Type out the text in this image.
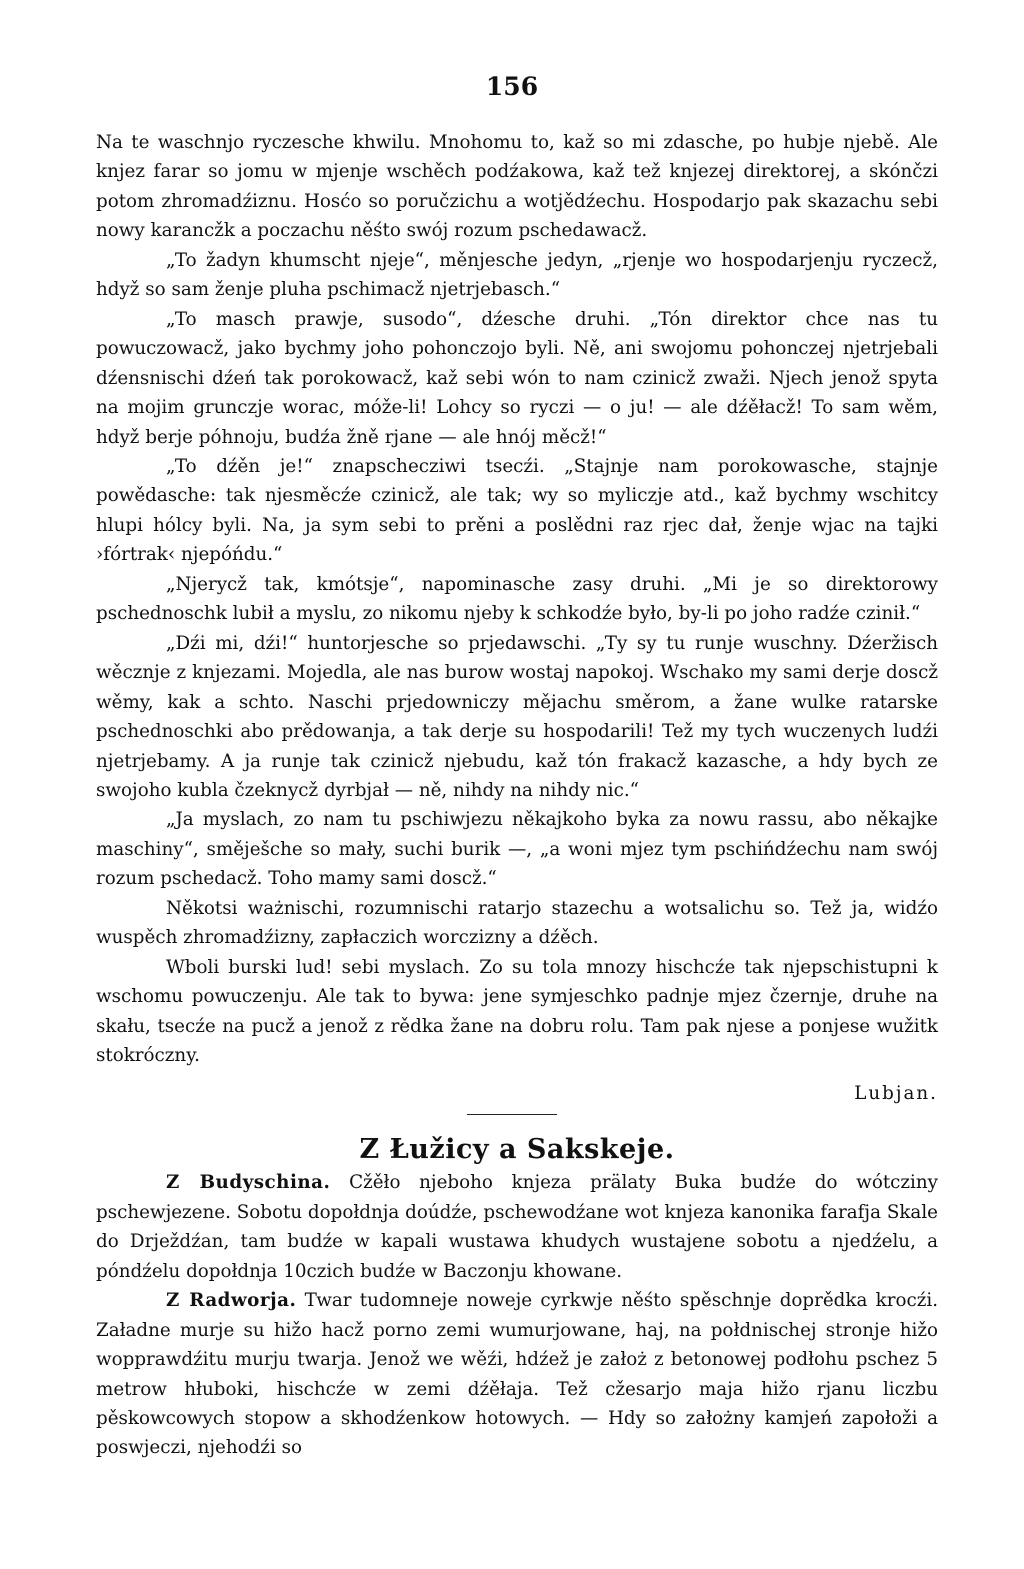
156

Na te waschnjo ryczesche khwilu. Mnohomu to, kaž so mi zdasche, po hubje njebě. Ale knjez farar so jomu w mjenje wschěch podźakowa, kaž tež knjezej direktorej, a skónčzi potom zhromadźiznu. Hosćo so poručzichu a wotjědźechu. Hospodarjo pak skazachu sebi nowy karancžk a poczachu něśto swój rozum pschedawacž.

„To žadyn khumscht njeje“, měnjesche jedyn, „rjenje wo hospodarjenju ryczecž, hdyž so sam ženje pluha pschimacž njetrjebasch.“

„To masch prawje, susodo“, dźesche druhi. „Tón direktor chce nas tu powuczowacž, jako bychmy joho pohonczojo byli. Ně, ani swojomu pohonczej njetrjebali dźensnischi dźeń tak porokowacž, kaž sebi wón to nam czinicž zwaži. Njech jenož spyta na mojim grunczje worac, móže-li! Lohcy so ryczi — o ju! — ale dźěłacž! To sam wěm, hdyž berje póhnoju, budźa žně rjane — ale hnój měcž!“

„To dźěn je!“ znapschecziwi tsecźi. „Stajnje nam porokowasche, stajnje powědasche: tak njesměcźe czinicž, ale tak; wy so myliczje atd., kaž bychmy wschitcy hlupi hólcy byli. Na, ja sym sebi to prěni a poslědni raz rjec dał, ženje wjac na tajki ›fórtrak‹ njepóńdu.“

„Njerycž tak, kmótsje“, napominasche zasy druhi. „Mi je so direktorowy pschednoschk lubił a myslu, zo nikomu njeby k schkodźe było, by-li po joho radźe czinił.“

„Dźi mi, dźi!“ huntorjesche so prjedawschi. „Ty sy tu runje wuschny. Dźeržisch wěcznje z knjezami. Mojedla, ale nas burow wostaj napokoj. Wschako my sami derje doscž wěmy, kak a schto. Naschi prjedowniczy mějachu směrom, a žane wulke ratarske pschednoschki abo prědowanja, a tak derje su hospodarili! Tež my tych wuczenych ludźi njetrjebamy. A ja runje tak czinicž njebudu, kaž tón frakacž kazasche, a hdy bych ze swojoho kubla čzeknycž dyrbjał — ně, nihdy na nihdy nic.“

„Ja myslach, zo nam tu pschiwjezu někajkoho byka za nowu rassu, abo někajke maschiny“, směješche so mały, suchi burik —, „a woni mjez tym pschińdźechu nam swój rozum pschedacž. Toho mamy sami doscž.“

Někotsi ważnischi, rozumnischi ratarjo stazechu a wotsalichu so. Tež ja, widźo wuspěch zhromadźizny, zapłaczich worczizny a dźěch.

Wboli burski lud! sebi myslach. Zo su tola mnozy hischcźe tak njepschistupni k wschomu powuczenju. Ale tak to bywa: jene symjeschko padnje mjez čzernje, druhe na skału, tsecźe na pucž a jenož z rědka žane na dobru rolu. Tam pak njese a ponjese wužitk stokróczny.

Lubjan.
Z Łužicy a Sakskeje.

Z Budyschina. Cžěło njeboho knjeza prälaty Buka budźe do wótcziny pschewjezene. Sobotu dopołdnja doúdźe, pschewodźane wot knjeza kanonika farafja Skale do Drježdźan, tam budźe w kapali wustawa khudych wustajene sobotu a njedźelu, a póndźelu dopołdnja 10czich budźe w Baczonju khowane.

Z Radworja. Twar tudomneje noweje cyrkwje něśto spěschnje doprědka krocźi. Załadne murje su hižo hacž porno zemi wumurjowane, haj, na połdnischej stronje hižo wopprawdźitu murju twarja. Jenož we wěźi, hdźež je założ z betonowej podłohu pschez 5 metrow hłuboki, hischcźe w zemi dźěłaja. Tež cžesarjo maja hižo rjanu liczbu pěskowcowych stopow a skhodźenkow hotowych. — Hdy so założny kamjeń zapołoži a poswjeczi, njehodźi so
